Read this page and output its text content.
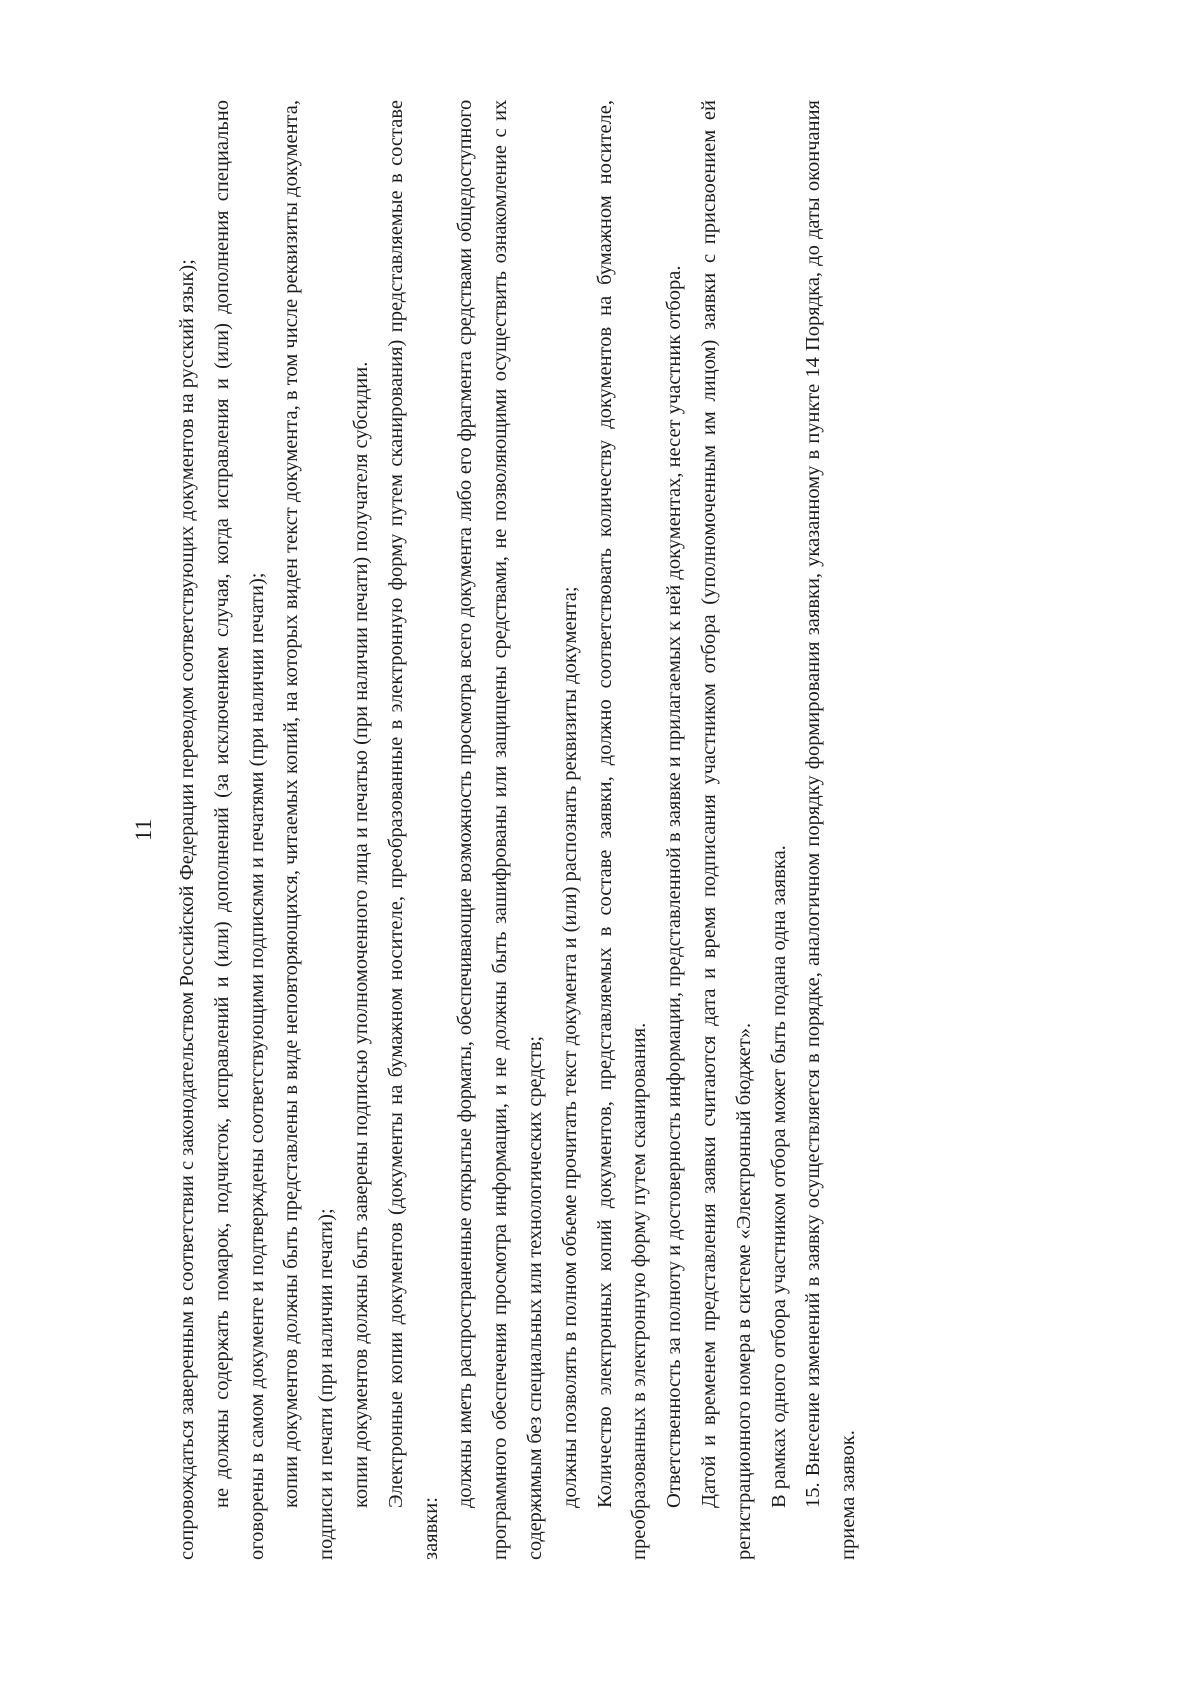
11 сопровождаться заверенным в соответствии с законодательством Российской Федерации переводом соответствующих документов на русский язык); не должны содержать помарок, подчисток, исправлений и (или) дополнений (за исключением случая, когда исправления и (или) дополнения специально оговорены в самом документе и подтверждены соответствующими подписями и печатями (при наличии печати); копии документов должны быть представлены в виде неповторяющихся, читаемых копий, на которых виден текст документа, в том числе реквизиты документа, подписи и печати (при наличии печати); копии документов должны быть заверены подписью уполномоченного лица и печатью (при наличии печати) получателя субсидии. Электронные копии документов (документы на бумажном носителе, преобразованные в электронную форму путем сканирования) представляемые в составе заявки:

должны иметь распространенные открытые форматы, обеспечивающие возможность просмотра всего документа либо его фрагмента средствами общедоступного программного обеспечения просмотра информации, и не должны быть зашифрованы или защищены средствами, не позволяющими осуществить ознакомление с их содержимым без специальных или технологических средств; должны позволять в полном объеме прочитать текст документа и (или) распознать реквизиты документа; Количество электронных копий документов, представляемых в составе заявки, должно соответствовать количеству документов на бумажном носителе, преобразованных в электронную форму путем сканирования. Ответственность за полноту и достоверность информации, представленной в заявке и прилагаемых к ней документах, несет участник отбора. Датой и временем представления заявки считаются дата и время подписания участником отбора (уполномоченным им лицом) заявки с присвоением ей регистрационного номера в системе «Электронный бюджет». В рамках одного отбора участником отбора может быть подана одна заявка. 15. Внесение изменений в заявку осуществляется в порядке, аналогичном порядку формирования заявки, указанному в пункте 14 Порядка, до даты окончания приема заявок.
